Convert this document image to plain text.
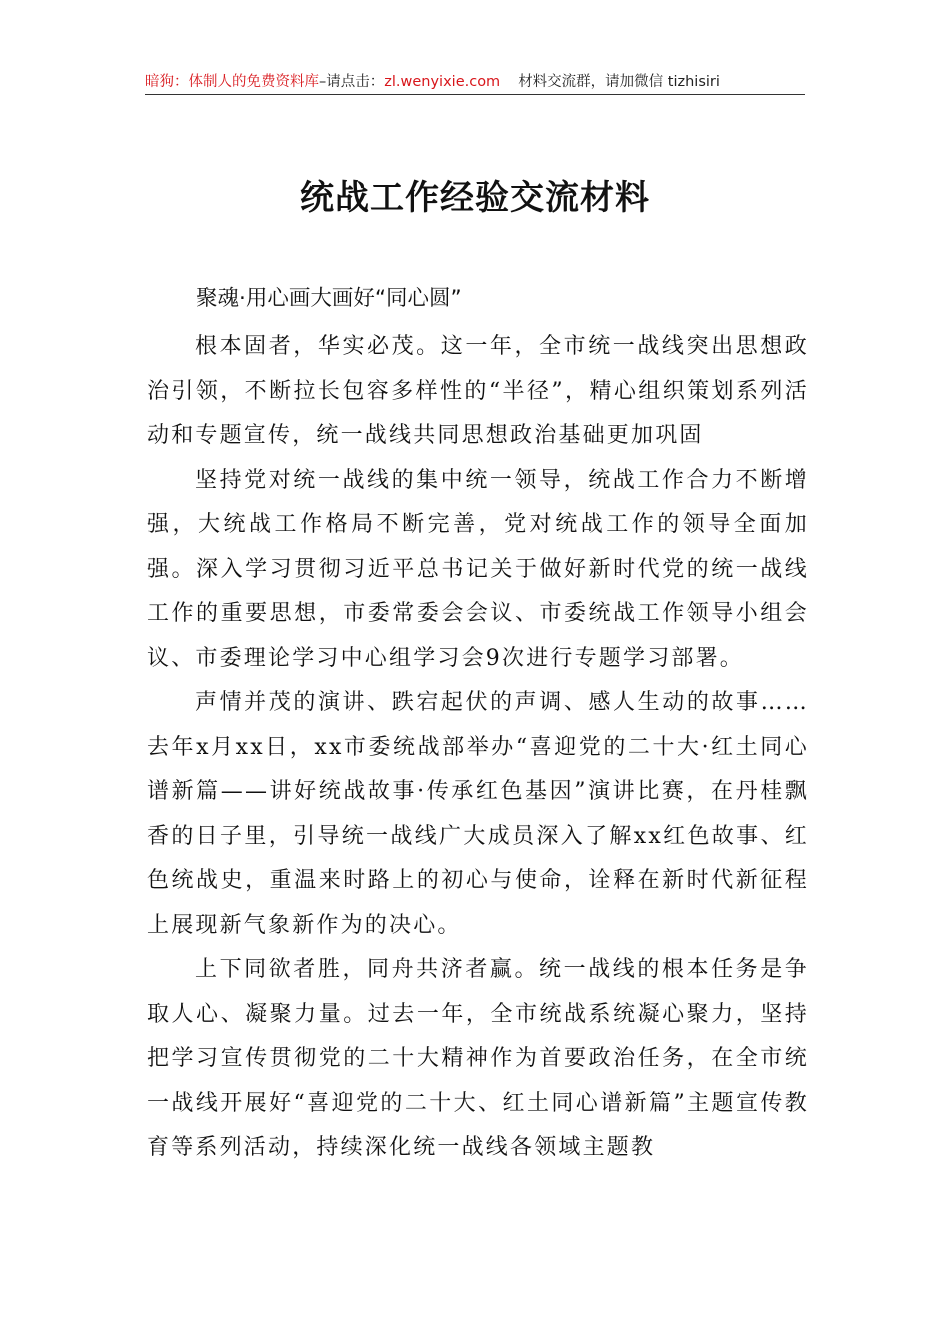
暗狗：体制人的免费资料库–请点击：zl.wenyixie.com 材料交流群，请加微信 tizhisiri
统战工作经验交流材料
聚魂·用心画大画好“同心圆”

根本固者，华实必茂。这一年，全市统一战线突出思想政治引领，不断拉长包容多样性的“半径”，精心组织策划系列活动和专题宣传，统一战线共同思想政治基础更加巩固

坚持党对统一战线的集中统一领导，统战工作合力不断增强，大统战工作格局不断完善，党对统战工作的领导全面加强。深入学习贯彻习近平总书记关于做好新时代党的统一战线工作的重要思想，市委常委会会议、市委统战工作领导小组会议、市委理论学习中心组学习会9次进行专题学习部署。

声情并茂的演讲、跌宕起伏的声调、感人生动的故事……去年x月xx日，xx市委统战部举办“喜迎党的二十大·红土同心谱新篇——讲好统战故事·传承红色基因”演讲比赛，在丹桂飘香的日子里，引导统一战线广大成员深入了解xx红色故事、红色统战史，重温来时路上的初心与使命，诠释在新时代新征程上展现新气象新作为的决心。

上下同欲者胜，同舟共济者赢。统一战线的根本任务是争取人心、凝聚力量。过去一年，全市统战系统凝心聚力，坚持把学习宣传贯彻党的二十大精神作为首要政治任务，在全市统一战线开展好“喜迎党的二十大、红土同心谱新篇”主题宣传教育等系列活动，持续深化统一战线各领域主题教
